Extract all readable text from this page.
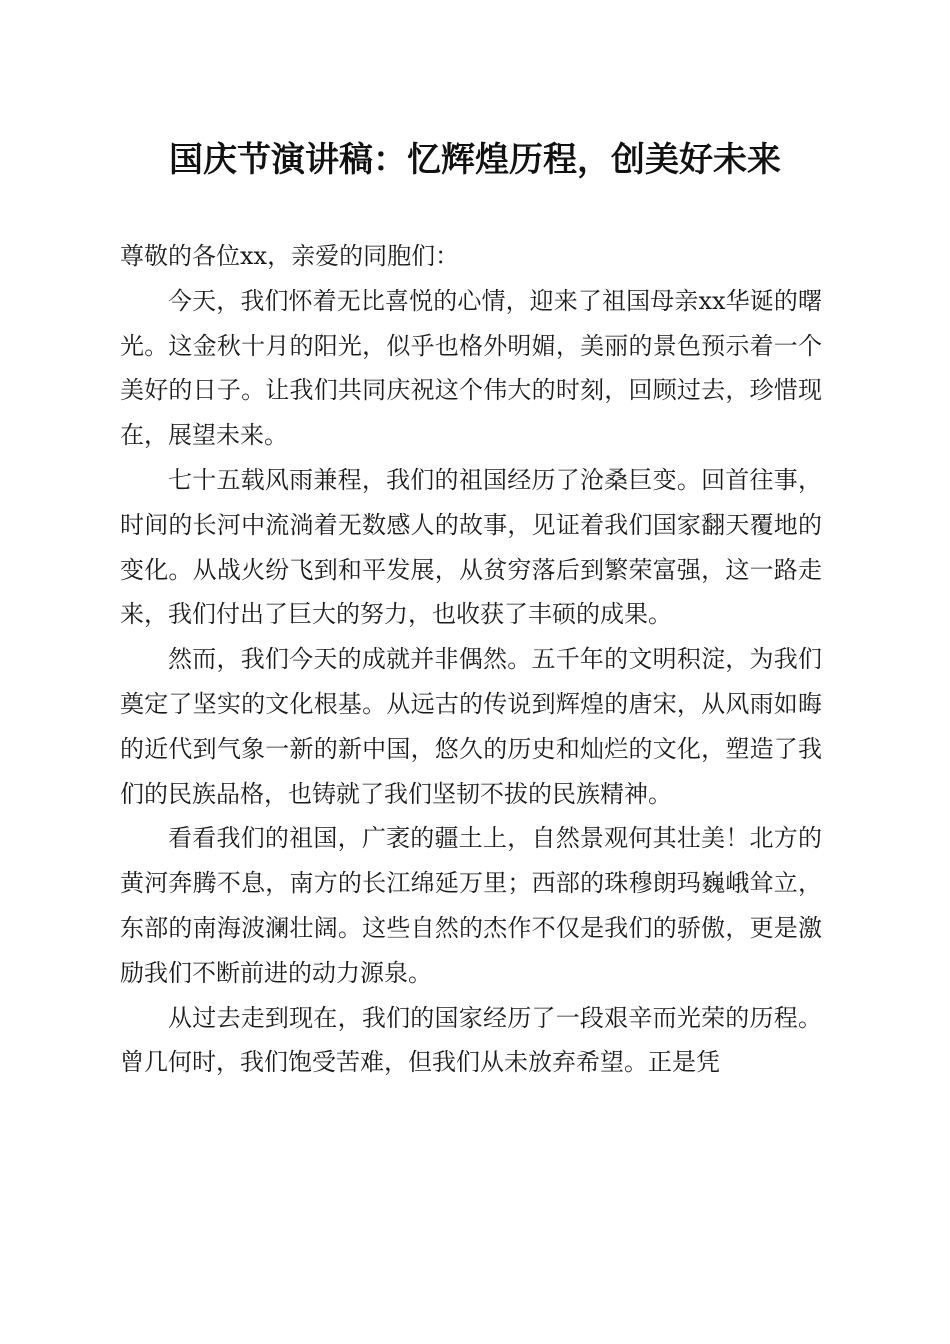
国庆节演讲稿：忆辉煌历程，创美好未来

尊敬的各位xx，亲爱的同胞们：

今天，我们怀着无比喜悦的心情，迎来了祖国母亲xx华诞的曙光。这金秋十月的阳光，似乎也格外明媚，美丽的景色预示着一个美好的日子。让我们共同庆祝这个伟大的时刻，回顾过去，珍惜现在，展望未来。

七十五载风雨兼程，我们的祖国经历了沧桑巨变。回首往事，时间的长河中流淌着无数感人的故事，见证着我们国家翻天覆地的变化。从战火纷飞到和平发展，从贫穷落后到繁荣富强，这一路走来，我们付出了巨大的努力，也收获了丰硕的成果。

然而，我们今天的成就并非偶然。五千年的文明积淀，为我们奠定了坚实的文化根基。从远古的传说到辉煌的唐宋，从风雨如晦的近代到气象一新的新中国，悠久的历史和灿烂的文化，塑造了我们的民族品格，也铸就了我们坚韧不拔的民族精神。

看看我们的祖国，广袤的疆土上，自然景观何其壮美！北方的黄河奔腾不息，南方的长江绵延万里；西部的珠穆朗玛巍峨耸立，东部的南海波澜壮阔。这些自然的杰作不仅是我们的骄傲，更是激励我们不断前进的动力源泉。

从过去走到现在，我们的国家经历了一段艰辛而光荣的历程。曾几何时，我们饱受苦难，但我们从未放弃希望。正是凭
